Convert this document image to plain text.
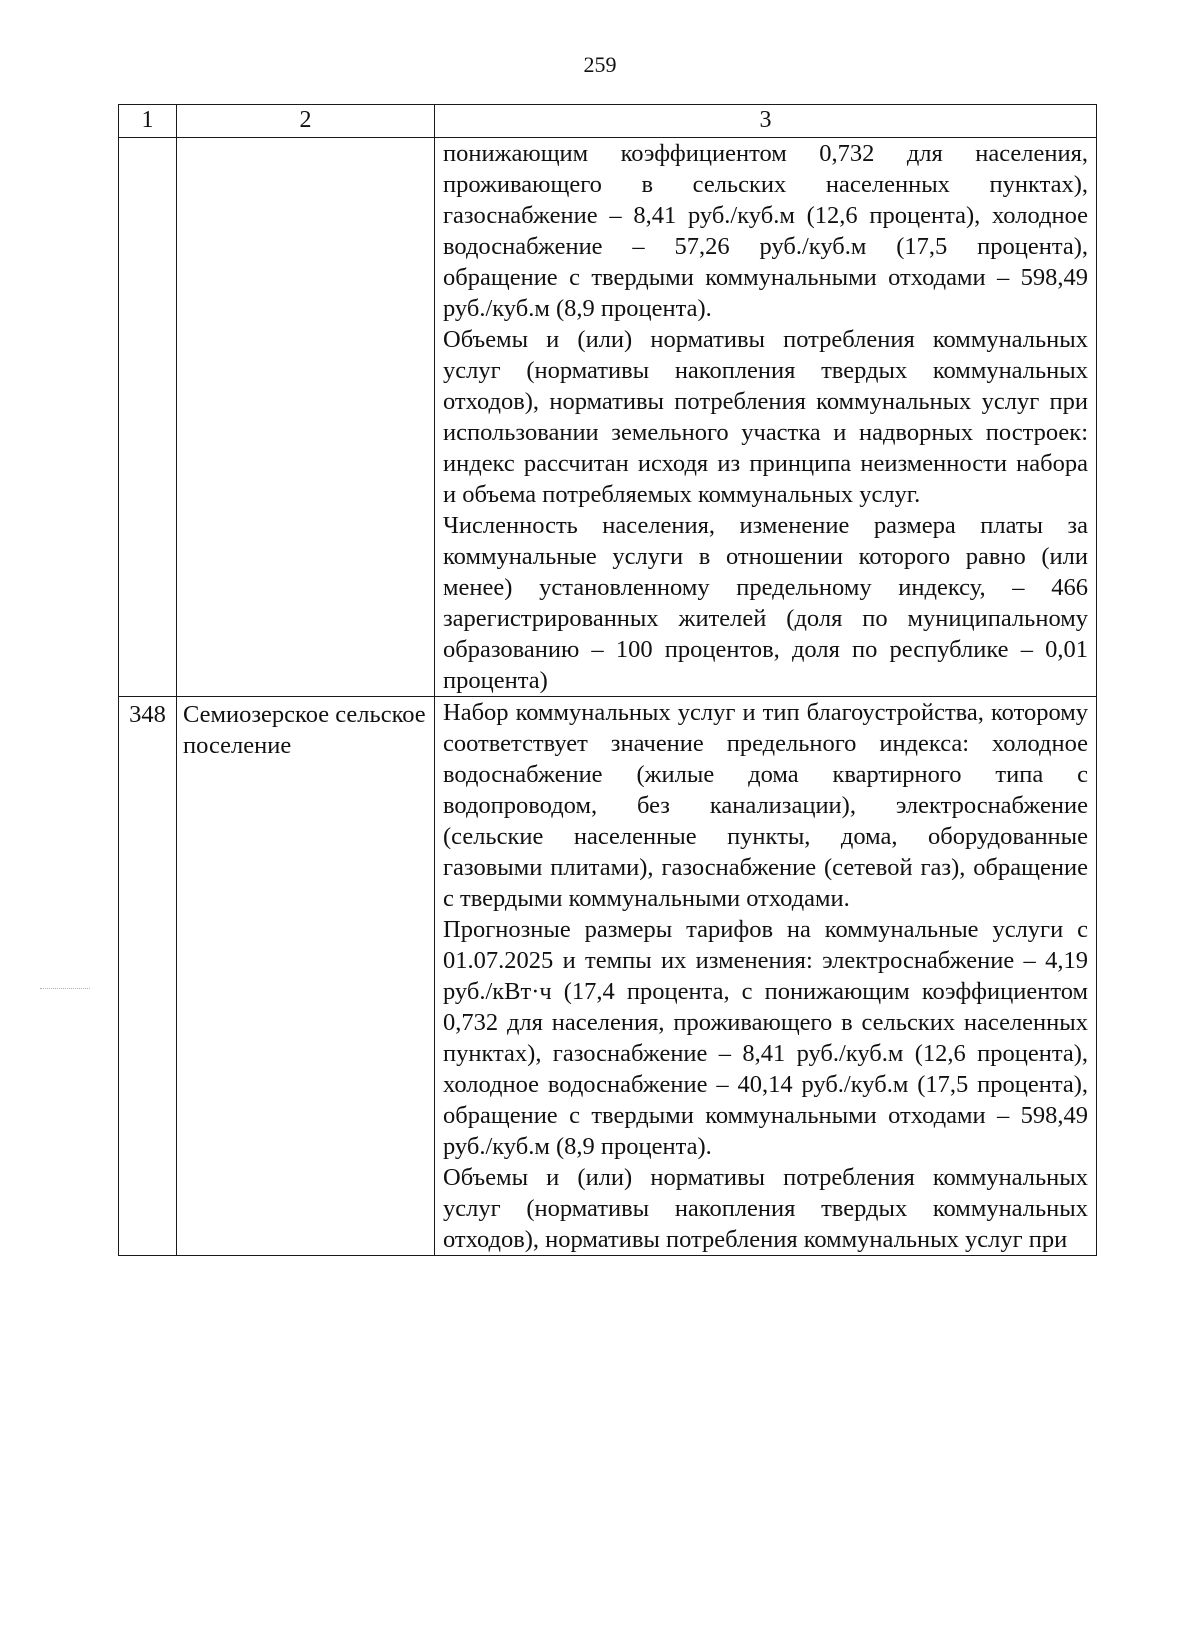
259
1	2	3

		понижающим коэффициентом 0,732 для населения, проживающего в сельских населенных пунктах), газоснабжение – 8,41 руб./куб.м (12,6 процента), холодное водоснабжение – 57,26 руб./куб.м (17,5 процента), обращение с твердыми коммунальными отходами – 598,49 руб./куб.м (8,9 процента).

Объемы и (или) нормативы потребления коммунальных услуг (нормативы накопления твердых коммунальных отходов), нормативы потребления коммунальных услуг при использовании земельного участка и надворных построек: индекс рассчитан исходя из принципа неизменности набора и объема потребляемых коммунальных услуг.

Численность населения, изменение размера платы за коммунальные услуги в отношении которого равно (или менее) установленному предельному индексу, – 466 зарегистрированных жителей (доля по муниципальному образованию – 100 процентов, доля по республике – 0,01 процента)

348	Семиозерское сельское поселение	Набор коммунальных услуг и тип благоустройства, которому соответствует значение предельного индекса: холодное водоснабжение (жилые дома квартирного типа с водопроводом, без канализации), электроснабжение (сельские населенные пункты, дома, оборудованные газовыми плитами), газоснабжение (сетевой газ), обращение с твердыми коммунальными отходами.

Прогнозные размеры тарифов на коммунальные услуги с 01.07.2025 и темпы их изменения: электроснабжение – 4,19 руб./кВт·ч (17,4 процента, с понижающим коэффициентом 0,732 для населения, проживающего в сельских населенных пунктах), газоснабжение – 8,41 руб./куб.м (12,6 процента), холодное водоснабжение – 40,14 руб./куб.м (17,5 процента), обращение с твердыми коммунальными отходами – 598,49 руб./куб.м (8,9 процента).

Объемы и (или) нормативы потребления коммунальных услуг (нормативы накопления твердых коммунальных отходов), нормативы потребления коммунальных услуг при
